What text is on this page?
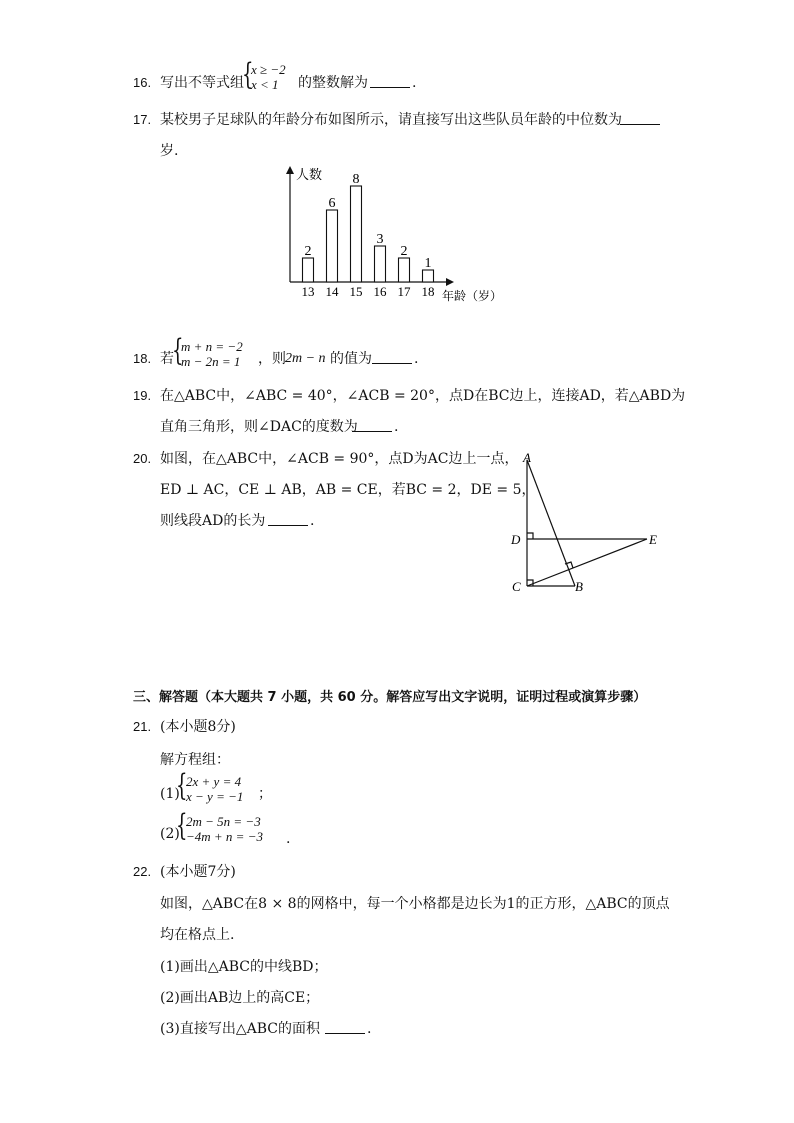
16. 写出不等式组
{
x ≥ −2
x < 1 的整数解为	.
17. 某校男子足球队的年龄分布如图所示，请直接写出这些队员年龄的中位数为
岁.
人数
年龄（岁）
2
13
6
14
8
15
3
16
2
17
1
18
18. 若
{
m + n = −2
m − 2n = 1 ，则 2m − n 的值为	.
19. 在△ABC中，∠ABC = 40°，∠ACB = 20°，点D在BC边上，连接AD，若△ABD为
直角三角形，则∠DAC的度数为	.
20. 如图，在△ABC中，∠ACB = 90°，点D为AC边上一点，
ED ⊥ AC，CE ⊥ AB，AB = CE，若BC = 2，DE = 5，
则线段AD的长为	.
A
D	E
C	B
三、解答题（本大题共 7 小题，共 60 分。解答应写出文字说明，证明过程或演算步骤）
21. (本小题8分)
解方程组：
(1)
{
2x + y = 4
x − y = −1 ；
(2)
{
2m − 5n = −3
−4m + n = −3 .
22. (本小题7分)
如图，△ABC在8 × 8的网格中，每一个小格都是边长为1的正方形，△ABC的顶点
均在格点上.
(1)画出△ABC的中线BD；
(2)画出AB边上的高CE；
(3)直接写出△ABC的面积	.
